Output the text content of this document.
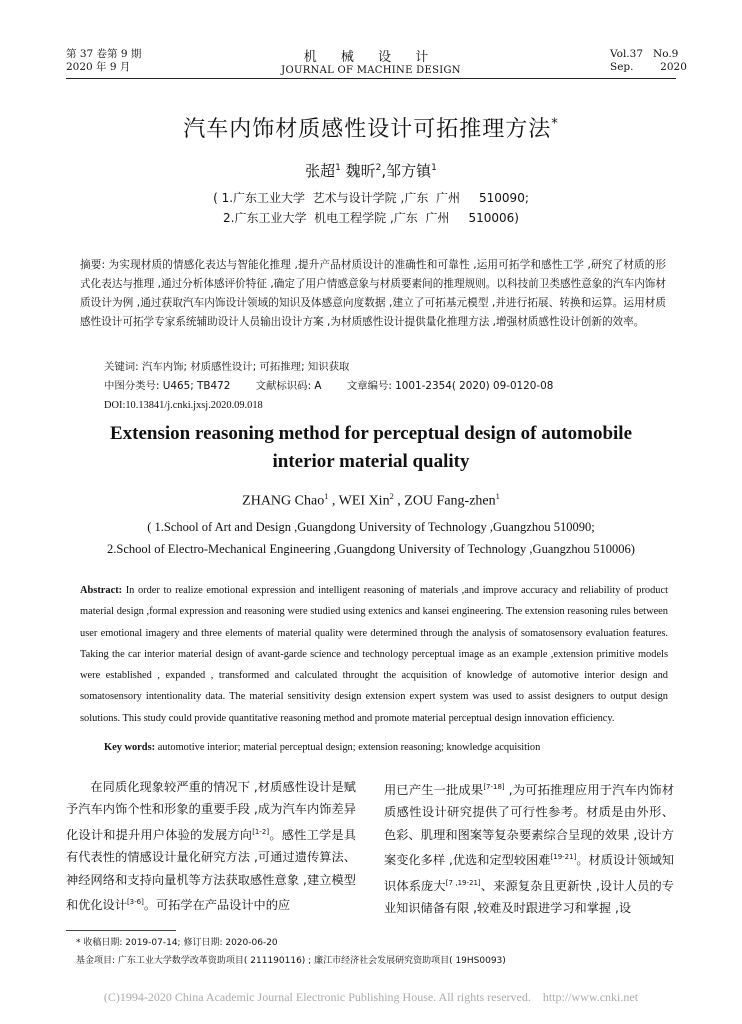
第 37 卷第 9 期
2020 年 9 月
机 械 设 计
JOURNAL OF MACHINE DESIGN
Vol.37   No.9
Sep.        2020
汽车内饰材质感性设计可拓推理方法*
张超$^1$ 魏昕$^2$,邹方镇$^1$
( 1.广东工业大学  艺术与设计学院 ,广东  广州     510090;
2.广东工业大学  机电工程学院 ,广东  广州     510006)
摘要: 为实现材质的情感化表达与智能化推理 ,提升产品材质设计的准确性和可靠性 ,运用可拓学和感性工学 ,研究了材质的形式化表达与推理 ,通过分析体感评价特征 ,确定了用户情感意象与材质要素间的推理规则。以科技前卫类感性意象的汽车内饰材质设计为例 ,通过获取汽车内饰设计领域的知识及体感意向度数据 ,建立了可拓基元模型 ,并进行拓展、转换和运算。运用材质感性设计可拓学专家系统辅助设计人员输出设计方案 ,为材质感性设计提供量化推理方法 ,增强材质感性设计创新的效率。
关键词: 汽车内饰; 材质感性设计; 可拓推理; 知识获取
中图分类号: U465; TB472 文献标识码: A 文章编号: 1001-2354( 2020) 09-0120-08
DOI:10.13841/j.cnki.jxsj.2020.09.018
Extension reasoning method for perceptual design of automobile
interior material quality
ZHANG Chao$^1$ , WEI Xin$^2$ , ZOU Fang-zhen$^1$
( 1.School of Art and Design ,Guangdong University of Technology ,Guangzhou 510090;
2.School of Electro-Mechanical Engineering ,Guangdong University of Technology ,Guangzhou 510006)
Abstract: In order to realize emotional expression and intelligent reasoning of materials ,and improve accuracy and reliability of product material design ,formal expression and reasoning were studied using extenics and kansei engineering. The extension reasoning rules between user emotional imagery and three elements of material quality were determined through the analysis of somatosensory evaluation features. Taking the car interior material design of avant-garde science and technology perceptual image as an example ,extension primitive models were established , expanded , transformed and calculated throught the acquisition of knowledge of automotive interior design and somatosensory intentionality data. The material sensitivity design extension expert system was used to assist designers to output design solutions. This study could provide quantitative reasoning method and promote material perceptual design innovation efficiency.
Key words: automotive interior; material perceptual design; extension reasoning; knowledge acquisition
在同质化现象较严重的情况下 ,材质感性设计是赋予汽车内饰个性和形象的重要手段 ,成为汽车内饰差异化设计和提升用户体验的发展方向[1-2]。感性工学是具有代表性的情感设计量化研究方法 ,可通过遗传算法、神经网络和支持向量机等方法获取感性意象 ,建立模型和优化设计[3-6]。可拓学在产品设计中的应
用已产生一批成果[7-18] ,为可拓推理应用于汽车内饰材质感性设计研究提供了可行性参考。材质是由外形、色彩、肌理和图案等复杂要素综合呈现的效果 ,设计方案变化多样 ,优选和定型较困难[19-21]。材质设计领域知识体系庞大[7 ,19-21]、来源复杂且更新快 ,设计人员的专业知识储备有限 ,较难及时跟进学习和掌握 ,设
* 收稿日期: 2019-07-14; 修订日期: 2020-06-20
基金项目: 广东工业大学数学改革资助项目( 211190116) ; 廉江市经济社会发展研究资助项目( 19HS0093)
(C)1994-2020 China Academic Journal Electronic Publishing House. All rights reserved.    http://www.cnki.net
